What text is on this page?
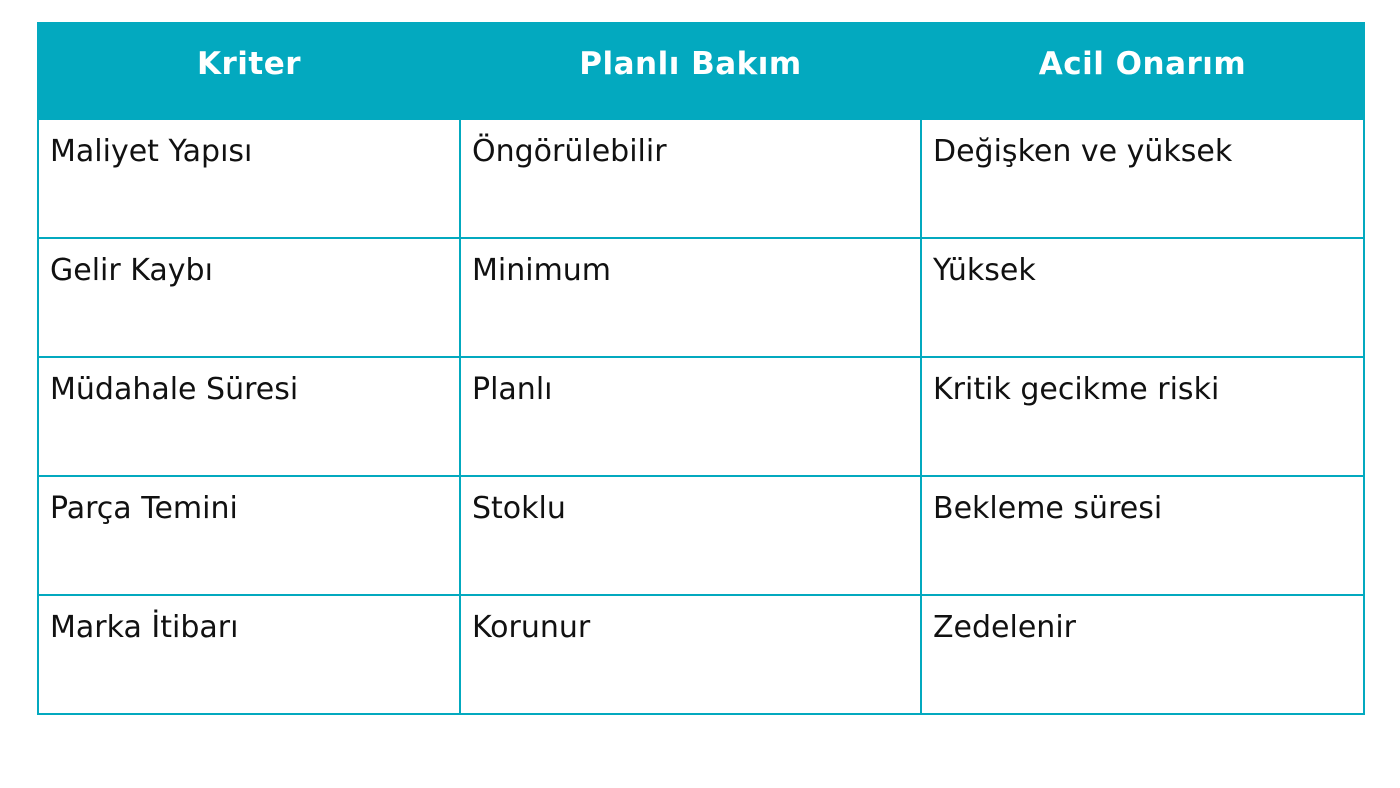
Kriter	Planlı Bakım	Acil Onarım
Maliyet Yapısı	Öngörülebilir	Değişken ve yüksek
Gelir Kaybı	Minimum	Yüksek
Müdahale Süresi	Planlı	Kritik gecikme riski
Parça Temini	Stoklu	Bekleme süresi
Marka İtibarı	Korunur	Zedelenir
